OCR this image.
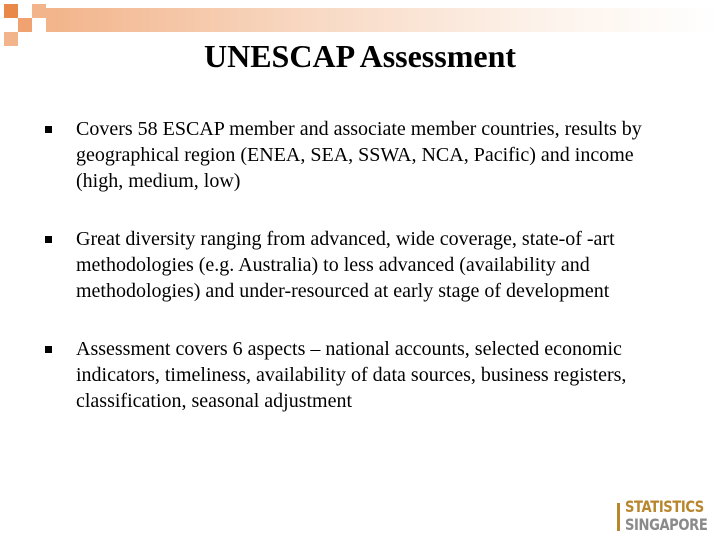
UNESCAP Assessment
Covers 58 ESCAP member and associate member countries, results by geographical region (ENEA, SEA, SSWA, NCA, Pacific) and income (high, medium, low)
Great diversity ranging from advanced, wide coverage, state-of -art methodologies (e.g. Australia) to less advanced (availability and methodologies) and under-resourced at early stage of development
Assessment covers 6 aspects – national accounts, selected economic indicators, timeliness, availability of data sources, business registers, classification, seasonal adjustment
STATISTICS
SINGAPORE
